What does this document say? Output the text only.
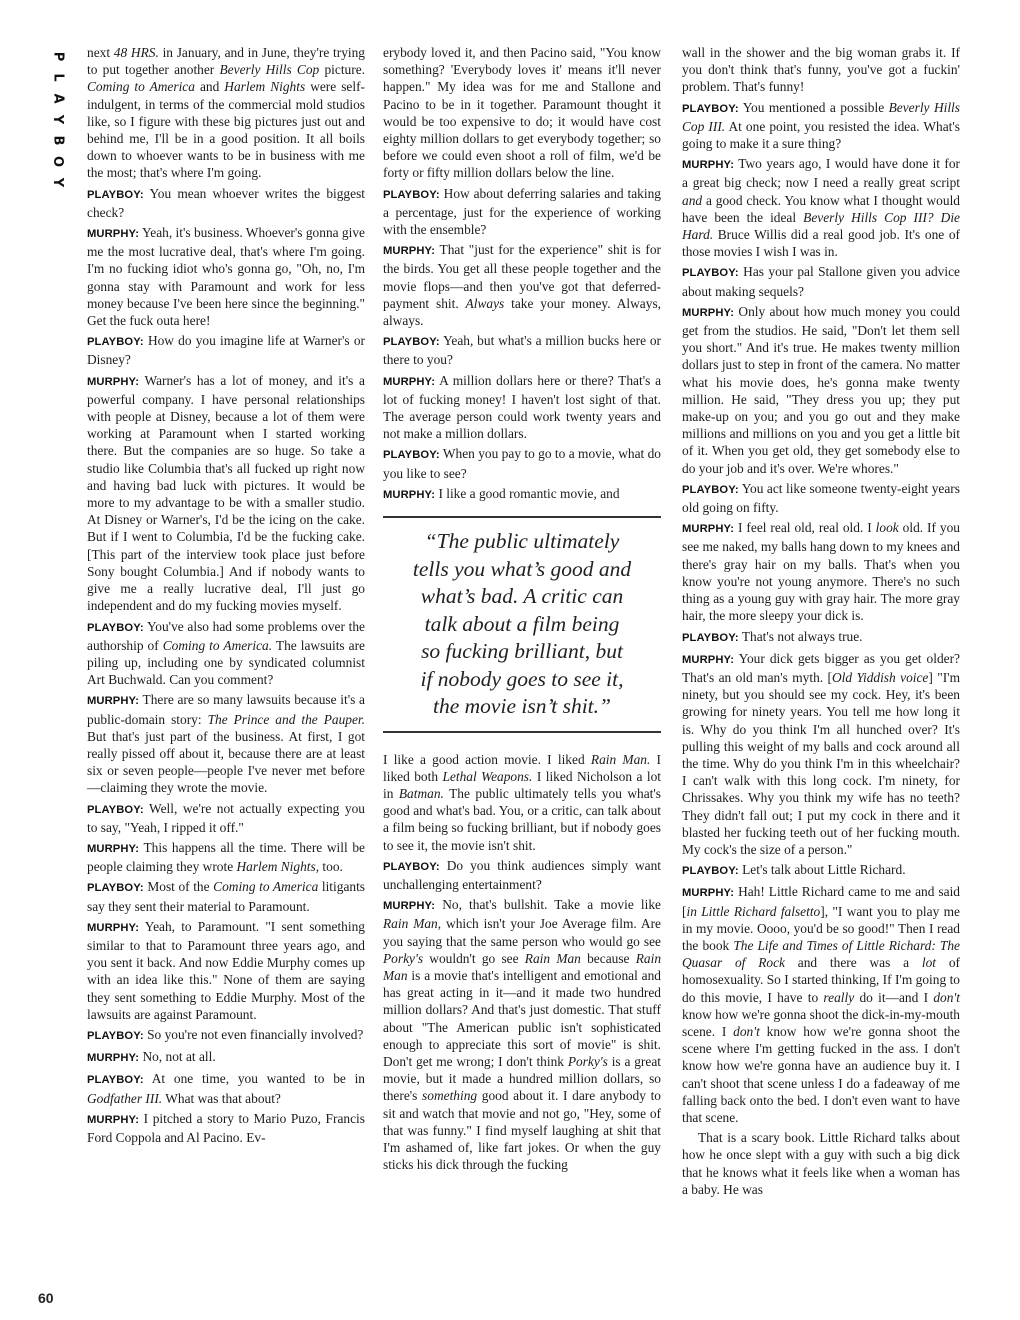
P
L
A
Y
B
O
Y
60

next 48 HRS. in January, and in June, they're trying to put together another Beverly Hills Cop picture. Coming to America and Harlem Nights were self-indulgent, in terms of the commercial mold studios like, so I figure with these big pictures just out and behind me, I'll be in a good position. It all boils down to whoever wants to be in business with me the most; that's where I'm going.

PLAYBOY: You mean whoever writes the biggest check?

MURPHY: Yeah, it's business. Whoever's gonna give me the most lucrative deal, that's where I'm going. I'm no fucking idiot who's gonna go, "Oh, no, I'm gonna stay with Paramount and work for less money because I've been here since the beginning." Get the fuck outa here!

PLAYBOY: How do you imagine life at Warner's or Disney?

MURPHY: Warner's has a lot of money, and it's a powerful company. I have personal relationships with people at Disney, because a lot of them were working at Paramount when I started working there. But the companies are so huge. So take a studio like Columbia that's all fucked up right now and having bad luck with pictures. It would be more to my advantage to be with a smaller studio. At Disney or Warner's, I'd be the icing on the cake. But if I went to Columbia, I'd be the fucking cake. [This part of the interview took place just before Sony bought Columbia.] And if nobody wants to give me a really lucrative deal, I'll just go independent and do my fucking movies myself.

PLAYBOY: You've also had some problems over the authorship of Coming to America. The lawsuits are piling up, including one by syndicated columnist Art Buchwald. Can you comment?

MURPHY: There are so many lawsuits because it's a public-domain story: The Prince and the Pauper. But that's just part of the business. At first, I got really pissed off about it, because there are at least six or seven people—people I've never met before—claiming they wrote the movie.

PLAYBOY: Well, we're not actually expecting you to say, "Yeah, I ripped it off."

MURPHY: This happens all the time. There will be people claiming they wrote Harlem Nights, too.

PLAYBOY: Most of the Coming to America litigants say they sent their material to Paramount.

MURPHY: Yeah, to Paramount. "I sent something similar to that to Paramount three years ago, and you sent it back. And now Eddie Murphy comes up with an idea like this." None of them are saying they sent something to Eddie Murphy. Most of the lawsuits are against Paramount.

PLAYBOY: So you're not even financially involved?

MURPHY: No, not at all.

PLAYBOY: At one time, you wanted to be in Godfather III. What was that about?

MURPHY: I pitched a story to Mario Puzo, Francis Ford Coppola and Al Pacino. Ev-

erybody loved it, and then Pacino said, "You know something? 'Everybody loves it' means it'll never happen." My idea was for me and Stallone and Pacino to be in it together. Paramount thought it would be too expensive to do; it would have cost eighty million dollars to get everybody together; so before we could even shoot a roll of film, we'd be forty or fifty million dollars below the line.

PLAYBOY: How about deferring salaries and taking a percentage, just for the experience of working with the ensemble?

MURPHY: That "just for the experience" shit is for the birds. You get all these people together and the movie flops—and then you've got that deferred-payment shit. Always take your money. Always, always.

PLAYBOY: Yeah, but what's a million bucks here or there to you?

MURPHY: A million dollars here or there? That's a lot of fucking money! I haven't lost sight of that. The average person could work twenty years and not make a million dollars.

PLAYBOY: When you pay to go to a movie, what do you like to see?

MURPHY: I like a good romantic movie, and

“The public ultimately
tells you what’s good and
what’s bad. A critic can
talk about a film being
so fucking brilliant, but
if nobody goes to see it,
the movie isn’t shit.”

I like a good action movie. I liked Rain Man. I liked both Lethal Weapons. I liked Nicholson a lot in Batman. The public ultimately tells you what's good and what's bad. You, or a critic, can talk about a film being so fucking brilliant, but if nobody goes to see it, the movie isn't shit.

PLAYBOY: Do you think audiences simply want unchallenging entertainment?

MURPHY: No, that's bullshit. Take a movie like Rain Man, which isn't your Joe Average film. Are you saying that the same person who would go see Porky's wouldn't go see Rain Man because Rain Man is a movie that's intelligent and emotional and has great acting in it—and it made two hundred million dollars? And that's just domestic. That stuff about "The American public isn't sophisticated enough to appreciate this sort of movie" is shit. Don't get me wrong; I don't think Porky's is a great movie, but it made a hundred million dollars, so there's something good about it. I dare anybody to sit and watch that movie and not go, "Hey, some of that was funny." I find myself laughing at shit that I'm ashamed of, like fart jokes. Or when the guy sticks his dick through the fucking

wall in the shower and the big woman grabs it. If you don't think that's funny, you've got a fuckin' problem. That's funny!

PLAYBOY: You mentioned a possible Beverly Hills Cop III. At one point, you resisted the idea. What's going to make it a sure thing?

MURPHY: Two years ago, I would have done it for a great big check; now I need a really great script and a good check. You know what I thought would have been the ideal Beverly Hills Cop III? Die Hard. Bruce Willis did a real good job. It's one of those movies I wish I was in.

PLAYBOY: Has your pal Stallone given you advice about making sequels?

MURPHY: Only about how much money you could get from the studios. He said, "Don't let them sell you short." And it's true. He makes twenty million dollars just to step in front of the camera. No matter what his movie does, he's gonna make twenty million. He said, "They dress you up; they put make-up on you; and you go out and they make millions and millions on you and you get a little bit of it. When you get old, they get somebody else to do your job and it's over. We're whores."

PLAYBOY: You act like someone twenty-eight years old going on fifty.

MURPHY: I feel real old, real old. I look old. If you see me naked, my balls hang down to my knees and there's gray hair on my balls. That's when you know you're not young anymore. There's no such thing as a young guy with gray hair. The more gray hair, the more sleepy your dick is.

PLAYBOY: That's not always true.

MURPHY: Your dick gets bigger as you get older? That's an old man's myth. [Old Yiddish voice] "I'm ninety, but you should see my cock. Hey, it's been growing for ninety years. You tell me how long it is. Why do you think I'm all hunched over? It's pulling this weight of my balls and cock around all the time. Why do you think I'm in this wheelchair? I can't walk with this long cock. I'm ninety, for Chrissakes. Why you think my wife has no teeth? They didn't fall out; I put my cock in there and it blasted her fucking teeth out of her fucking mouth. My cock's the size of a person."

PLAYBOY: Let's talk about Little Richard.

MURPHY: Hah! Little Richard came to me and said [in Little Richard falsetto], "I want you to play me in my movie. Oooo, you'd be so good!" Then I read the book The Life and Times of Little Richard: The Quasar of Rock and there was a lot of homosexuality. So I started thinking, If I'm going to do this movie, I have to really do it—and I don't know how we're gonna shoot the dick-in-my-mouth scene. I don't know how we're gonna shoot the scene where I'm getting fucked in the ass. I don't know how we're gonna have an audience buy it. I can't shoot that scene unless I do a fadeaway of me falling back onto the bed. I don't even want to have that scene.

That is a scary book. Little Richard talks about how he once slept with a guy with such a big dick that he knows what it feels like when a woman has a baby. He was
